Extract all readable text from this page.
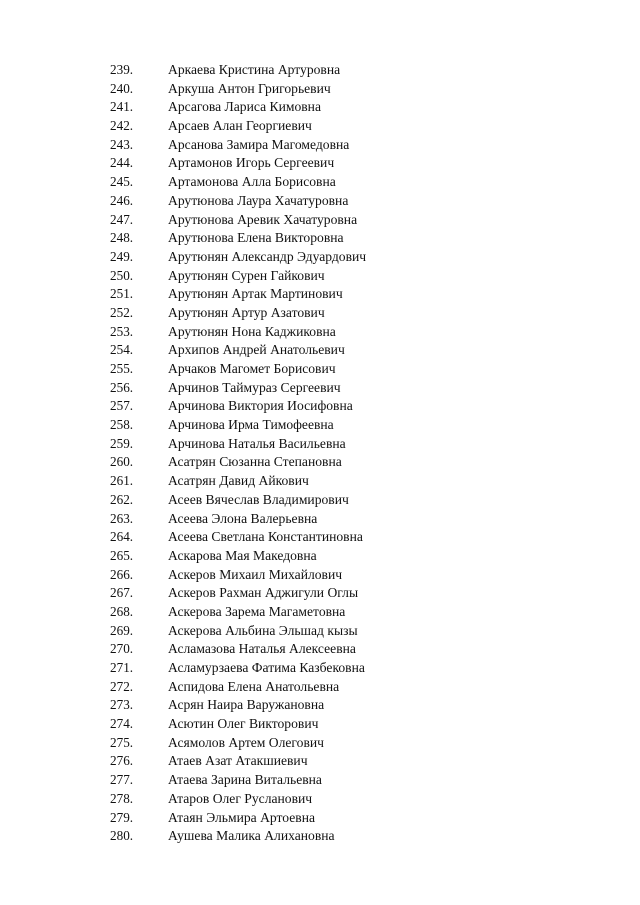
239.	Аркаева Кристина Артуровна
240.	Аркуша Антон Григорьевич
241.	Арсагова Лариса Кимовна
242.	Арсаев Алан Георгиевич
243.	Арсанова Замира Магомедовна
244.	Артамонов Игорь Сергеевич
245.	Артамонова Алла Борисовна
246.	Арутюнова Лаура Хачатуровна
247.	Арутюнова Аревик Хачатуровна
248.	Арутюнова Елена Викторовна
249.	Арутюнян Александр Эдуардович
250.	Арутюнян Сурен Гайкович
251.	Арутюнян Артак Мартинович
252.	Арутюнян Артур Азатович
253.	Арутюнян Нона Каджиковна
254.	Архипов Андрей Анатольевич
255.	Арчаков Магомет Борисович
256.	Арчинов Таймураз Сергеевич
257.	Арчинова Виктория Иосифовна
258.	Арчинова Ирма Тимофеевна
259.	Арчинова Наталья Васильевна
260.	Асатрян Сюзанна Степановна
261.	Асатрян Давид Айкович
262.	Асеев Вячеслав Владимирович
263.	Асеева Элона Валерьевна
264.	Асеева Светлана Константиновна
265.	Аскарова Мая Македовна
266.	Аскеров Михаил Михайлович
267.	Аскеров Рахман Аджигули Оглы
268.	Аскерова Зарема Магаметовна
269.	Аскерова Альбина Эльшад кызы
270.	Асламазова Наталья Алексеевна
271.	Асламурзаева Фатима Казбековна
272.	Аспидова Елена Анатольевна
273.	Асрян Наира Варужановна
274.	Асютин Олег Викторович
275.	Асямолов Артем Олегович
276.	Атаев Азат Атакшиевич
277.	Атаева Зарина Витальевна
278.	Атаров Олег Русланович
279.	Атаян Эльмира Артоевна
280.	Аушева Малика Алихановна
